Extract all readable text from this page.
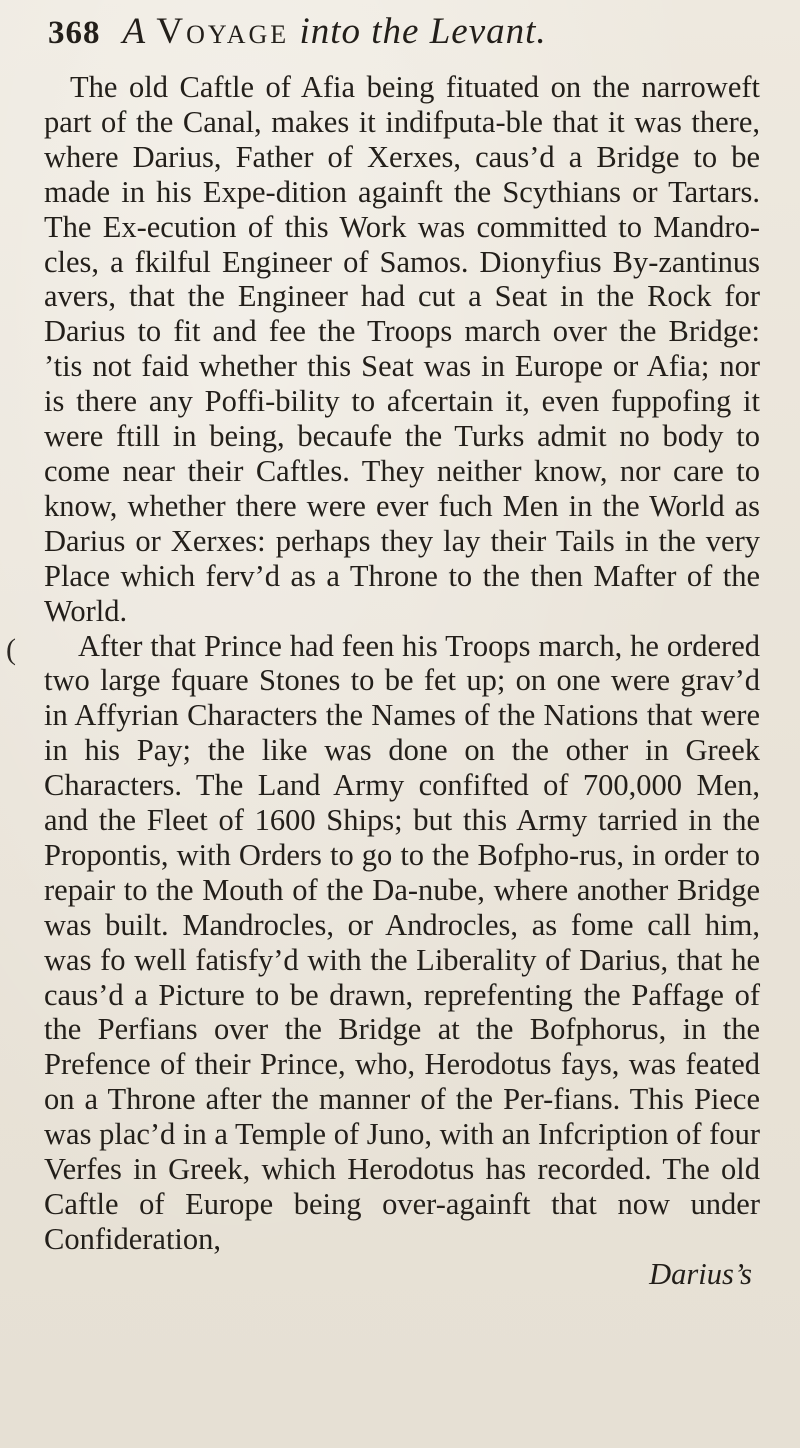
368 A Voyage into the Levant.

The old Caftle of Afia being fituated on the narroweft part of the Canal, makes it indifputa-ble that it was there, where Darius, Father of Xerxes, caus’d a Bridge to be made in his Expe-dition againft the Scythians or Tartars. The Ex-ecution of this Work was committed to Mandro-cles, a fkilful Engineer of Samos. Dionyfius By-zantinus avers, that the Engineer had cut a Seat in the Rock for Darius to fit and fee the Troops march over the Bridge: ’tis not faid whether this Seat was in Europe or Afia; nor is there any Poffi-bility to afcertain it, even fuppofing it were ftill in being, becaufe the Turks admit no body to come near their Caftles. They neither know, nor care to know, whether there were ever fuch Men in the World as Darius or Xerxes: perhaps they lay their Tails in the very Place which ferv’d as a Throne to the then Mafter of the World.

After that Prince had feen his Troops march, he ordered two large fquare Stones to be fet up; on one were grav’d in Affyrian Characters the Names of the Nations that were in his Pay; the like was done on the other in Greek Characters. The Land Army confifted of 700,000 Men, and the Fleet of 1600 Ships; but this Army tarried in the Propontis, with Orders to go to the Bofpho-rus, in order to repair to the Mouth of the Da-nube, where another Bridge was built. Mandrocles, or Androcles, as fome call him, was fo well fatisfy’d with the Liberality of Darius, that he caus’d a Picture to be drawn, reprefenting the Paffage of the Perfians over the Bridge at the Bofphorus, in the Prefence of their Prince, who, Herodotus fays, was feated on a Throne after the manner of the Per-fians. This Piece was plac’d in a Temple of Juno, with an Infcription of four Verfes in Greek, which Herodotus has recorded. The old Caftle of Europe being over-againft that now under Confideration,

Darius’s
(
